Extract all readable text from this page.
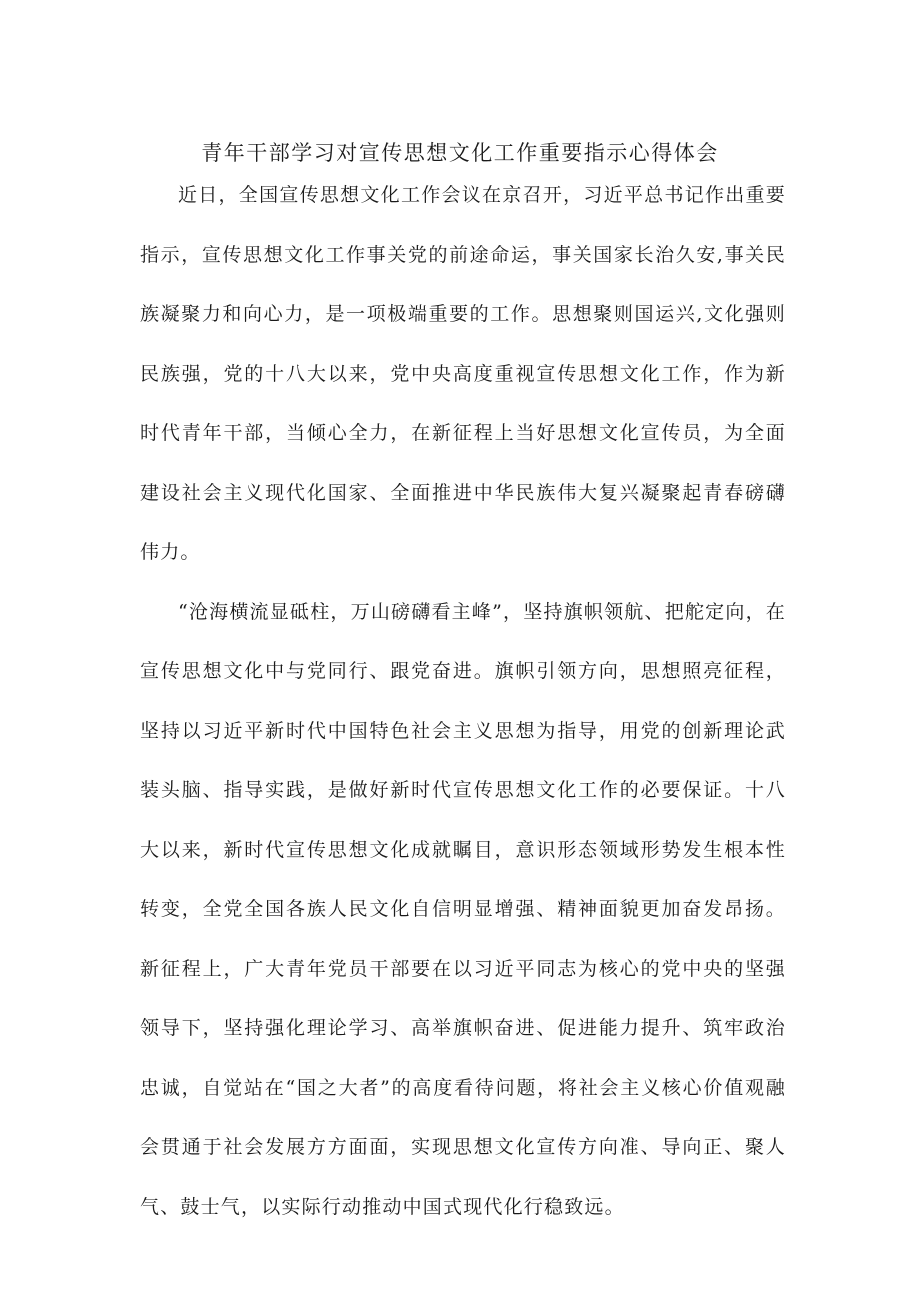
青年干部学习对宣传思想文化工作重要指示心得体会

近日，全国宣传思想文化工作会议在京召开，习近平总书记作出重要指示，宣传思想文化工作事关党的前途命运，事关国家长治久安,事关民族凝聚力和向心力，是一项极端重要的工作。思想聚则国运兴,文化强则民族强，党的十八大以来，党中央高度重视宣传思想文化工作，作为新时代青年干部，当倾心全力，在新征程上当好思想文化宣传员，为全面建设社会主义现代化国家、全面推进中华民族伟大复兴凝聚起青春磅礴伟力。

“沧海横流显砥柱，万山磅礴看主峰”，坚持旗帜领航、把舵定向，在宣传思想文化中与党同行、跟党奋进。旗帜引领方向，思想照亮征程，坚持以习近平新时代中国特色社会主义思想为指导，用党的创新理论武装头脑、指导实践，是做好新时代宣传思想文化工作的必要保证。十八大以来，新时代宣传思想文化成就瞩目，意识形态领域形势发生根本性转变，全党全国各族人民文化自信明显增强、精神面貌更加奋发昂扬。新征程上，广大青年党员干部要在以习近平同志为核心的党中央的坚强领导下，坚持强化理论学习、高举旗帜奋进、促进能力提升、筑牢政治忠诚，自觉站在“国之大者”的高度看待问题，将社会主义核心价值观融会贯通于社会发展方方面面，实现思想文化宣传方向准、导向正、聚人气、鼓士气，以实际行动推动中国式现代化行稳致远。
